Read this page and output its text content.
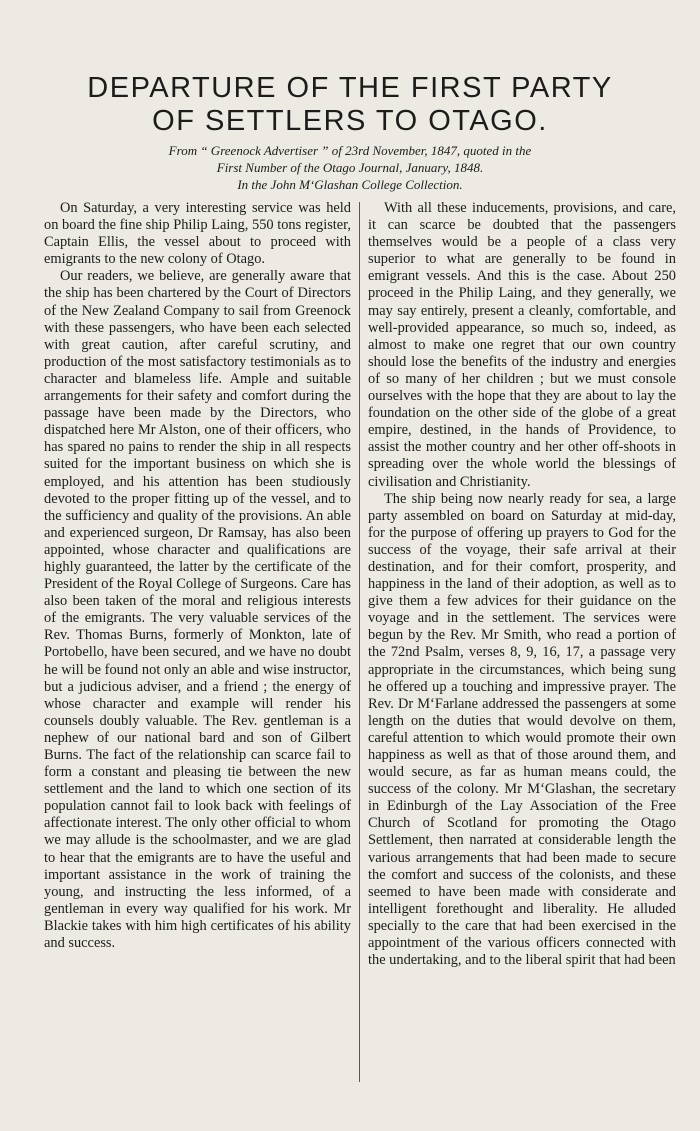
DEPARTURE OF THE FIRST PARTY
OF SETTLERS TO OTAGO.
From “ Greenock Advertiser ” of 23rd November, 1847, quoted in the
First Number of the Otago Journal, January, 1848.
In the John M‘Glashan College Collection.

On Saturday, a very interesting service was held on board the fine ship Philip Laing, 550 tons register, Captain Ellis, the vessel about to proceed with emigrants to the new colony of Otago.

Our readers, we believe, are generally aware that the ship has been chartered by the Court of Directors of the New Zealand Company to sail from Greenock with these passengers, who have been each selected with great caution, after careful scrutiny, and production of the most satisfactory testimonials as to character and blameless life. Ample and suitable arrangements for their safety and comfort during the passage have been made by the Directors, who dispatched here Mr Alston, one of their officers, who has spared no pains to render the ship in all respects suited for the important business on which she is employed, and his attention has been studiously devoted to the proper fitting up of the vessel, and to the sufficiency and quality of the provisions. An able and experienced surgeon, Dr Ramsay, has also been appointed, whose character and qualifications are highly guaranteed, the latter by the certificate of the President of the Royal College of Surgeons. Care has also been taken of the moral and religious interests of the emigrants. The very valuable services of the Rev. Thomas Burns, formerly of Monkton, late of Portobello, have been secured, and we have no doubt he will be found not only an able and wise instructor, but a judicious adviser, and a friend ; the energy of whose character and example will render his counsels doubly valuable. The Rev. gentleman is a nephew of our national bard and son of Gilbert Burns. The fact of the relationship can scarce fail to form a constant and pleasing tie between the new settlement and the land to which one section of its population cannot fail to look back with feelings of affectionate interest. The only other official to whom we may allude is the schoolmaster, and we are glad to hear that the emigrants are to have the useful and important assistance in the work of training the young, and instructing the less informed, of a gentleman in every way qualified for his work. Mr Blackie takes with him high certificates of his ability and success.

With all these inducements, provisions, and care, it can scarce be doubted that the passengers themselves would be a people of a class very superior to what are generally to be found in emigrant vessels. And this is the case. About 250 proceed in the Philip Laing, and they generally, we may say entirely, present a cleanly, comfortable, and well-provided appearance, so much so, indeed, as almost to make one regret that our own country should lose the benefits of the industry and energies of so many of her children ; but we must console ourselves with the hope that they are about to lay the foundation on the other side of the globe of a great empire, destined, in the hands of Providence, to assist the mother country and her other off-shoots in spreading over the whole world the blessings of civilisation and Christianity.

The ship being now nearly ready for sea, a large party assembled on board on Saturday at mid-day, for the purpose of offering up prayers to God for the success of the voyage, their safe arrival at their destination, and for their comfort, prosperity, and happiness in the land of their adoption, as well as to give them a few advices for their guidance on the voyage and in the settlement. The services were begun by the Rev. Mr Smith, who read a portion of the 72nd Psalm, verses 8, 9, 16, 17, a passage very appropriate in the circumstances, which being sung he offered up a touching and impressive prayer. The Rev. Dr M‘Farlane addressed the passengers at some length on the duties that would devolve on them, careful attention to which would promote their own happiness as well as that of those around them, and would secure, as far as human means could, the success of the colony. Mr M‘Glashan, the secretary in Edinburgh of the Lay Association of the Free Church of Scotland for promoting the Otago Settlement, then narrated at considerable length the various arrangements that had been made to secure the comfort and success of the colonists, and these seemed to have been made with considerate and intelligent forethought and liberality. He alluded specially to the care that had been exercised in the appointment of the various officers connected with the undertaking, and to the liberal spirit that had been
